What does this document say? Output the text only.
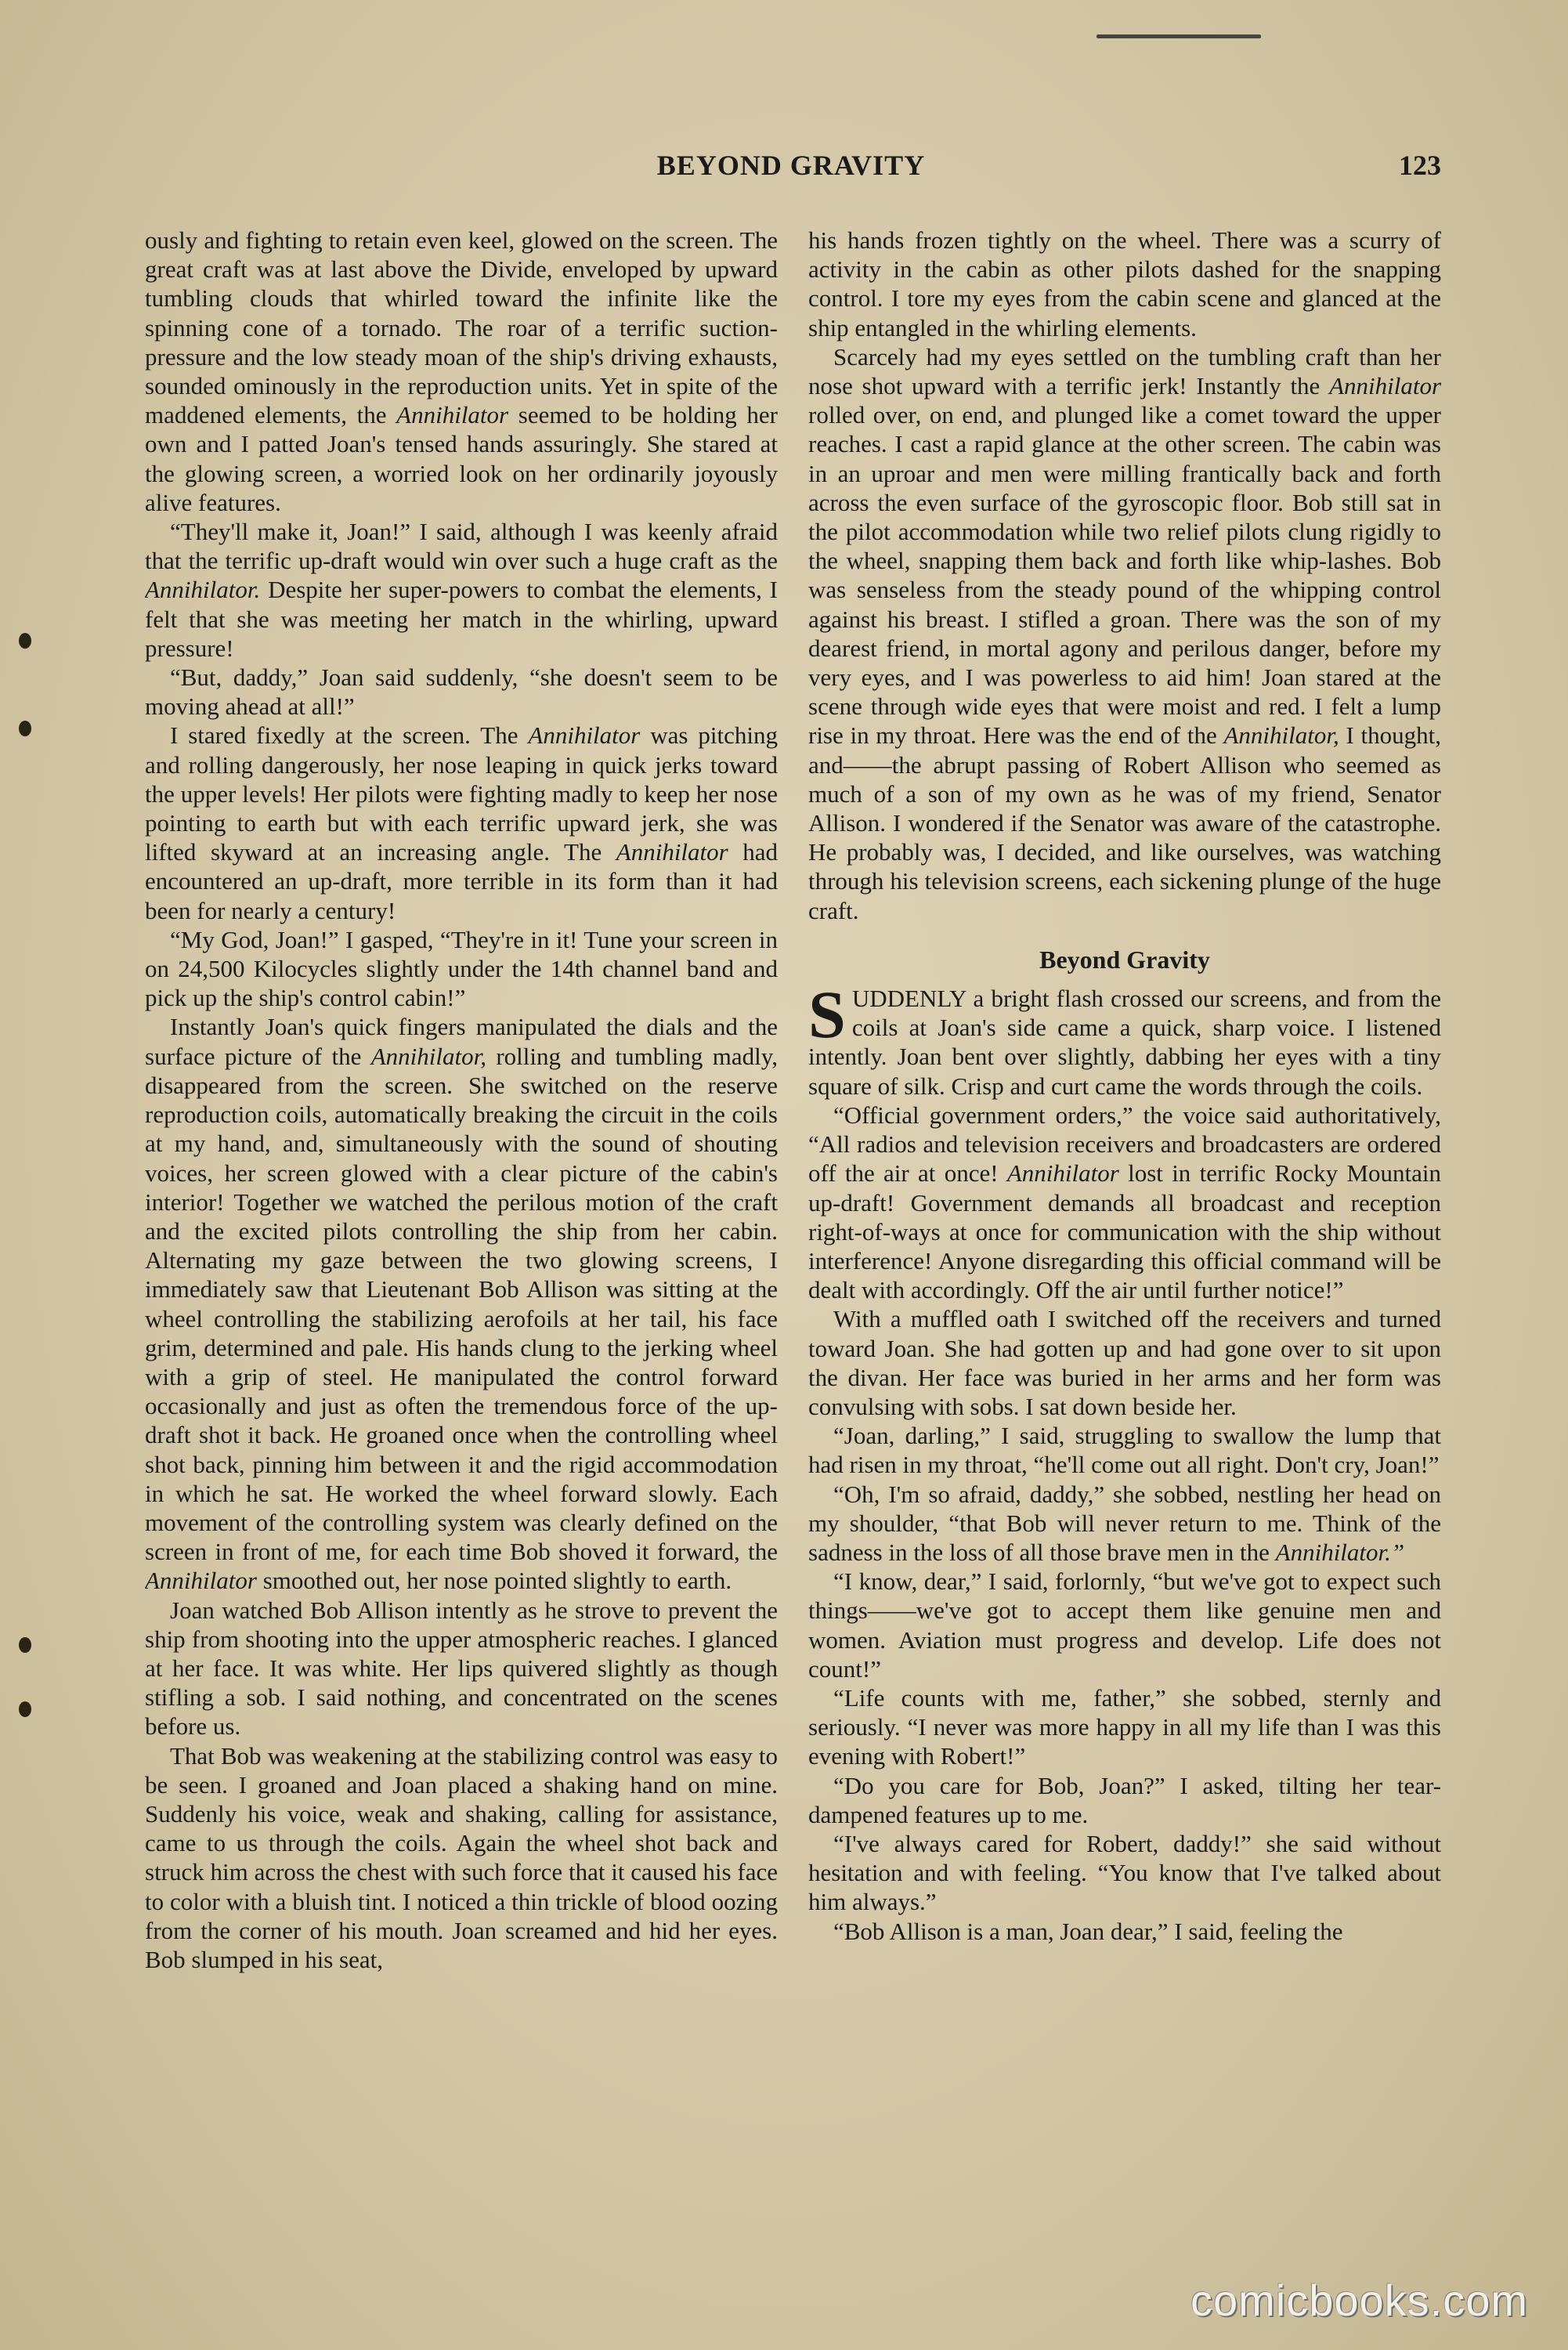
BEYOND GRAVITY	123

ously and fighting to retain even keel, glowed on the screen. The great craft was at last above the Divide, enveloped by upward tumbling clouds that whirled toward the infinite like the spinning cone of a tornado. The roar of a terrific suction-pressure and the low steady moan of the ship's driving exhausts, sounded ominously in the reproduction units. Yet in spite of the maddened elements, the Annihilator seemed to be holding her own and I patted Joan's tensed hands assuringly. She stared at the glowing screen, a worried look on her ordinarily joyously alive features.

“They'll make it, Joan!” I said, although I was keenly afraid that the terrific up-draft would win over such a huge craft as the Annihilator. Despite her super-powers to combat the elements, I felt that she was meeting her match in the whirling, upward pressure!

“But, daddy,” Joan said suddenly, “she doesn't seem to be moving ahead at all!”

I stared fixedly at the screen. The Annihilator was pitching and rolling dangerously, her nose leaping in quick jerks toward the upper levels! Her pilots were fighting madly to keep her nose pointing to earth but with each terrific upward jerk, she was lifted skyward at an increasing angle. The Annihilator had encountered an up-draft, more terrible in its form than it had been for nearly a century!

“My God, Joan!” I gasped, “They're in it! Tune your screen in on 24,500 Kilocycles slightly under the 14th channel band and pick up the ship's control cabin!”

Instantly Joan's quick fingers manipulated the dials and the surface picture of the Annihilator, rolling and tumbling madly, disappeared from the screen. She switched on the reserve reproduction coils, automatically breaking the circuit in the coils at my hand, and, simultaneously with the sound of shouting voices, her screen glowed with a clear picture of the cabin's interior! Together we watched the perilous motion of the craft and the excited pilots controlling the ship from her cabin. Alternating my gaze between the two glowing screens, I immediately saw that Lieutenant Bob Allison was sitting at the wheel controlling the stabilizing aerofoils at her tail, his face grim, determined and pale. His hands clung to the jerking wheel with a grip of steel. He manipulated the control forward occasionally and just as often the tremendous force of the up-draft shot it back. He groaned once when the controlling wheel shot back, pinning him between it and the rigid accommodation in which he sat. He worked the wheel forward slowly. Each movement of the controlling system was clearly defined on the screen in front of me, for each time Bob shoved it forward, the Annihilator smoothed out, her nose pointed slightly to earth.

Joan watched Bob Allison intently as he strove to prevent the ship from shooting into the upper atmospheric reaches. I glanced at her face. It was white. Her lips quivered slightly as though stifling a sob. I said nothing, and concentrated on the scenes before us.

That Bob was weakening at the stabilizing control was easy to be seen. I groaned and Joan placed a shaking hand on mine. Suddenly his voice, weak and shaking, calling for assistance, came to us through the coils. Again the wheel shot back and struck him across the chest with such force that it caused his face to color with a bluish tint. I noticed a thin trickle of blood oozing from the corner of his mouth. Joan screamed and hid her eyes. Bob slumped in his seat,

his hands frozen tightly on the wheel. There was a scurry of activity in the cabin as other pilots dashed for the snapping control. I tore my eyes from the cabin scene and glanced at the ship entangled in the whirling elements.

Scarcely had my eyes settled on the tumbling craft than her nose shot upward with a terrific jerk! Instantly the Annihilator rolled over, on end, and plunged like a comet toward the upper reaches. I cast a rapid glance at the other screen. The cabin was in an uproar and men were milling frantically back and forth across the even surface of the gyroscopic floor. Bob still sat in the pilot accommodation while two relief pilots clung rigidly to the wheel, snapping them back and forth like whip-lashes. Bob was senseless from the steady pound of the whipping control against his breast. I stifled a groan. There was the son of my dearest friend, in mortal agony and perilous danger, before my very eyes, and I was powerless to aid him! Joan stared at the scene through wide eyes that were moist and red. I felt a lump rise in my throat. Here was the end of the Annihilator, I thought, and——the abrupt passing of Robert Allison who seemed as much of a son of my own as he was of my friend, Senator Allison. I wondered if the Senator was aware of the catastrophe. He probably was, I decided, and like ourselves, was watching through his television screens, each sickening plunge of the huge craft.

Beyond Gravity

SUDDENLY a bright flash crossed our screens, and from the coils at Joan's side came a quick, sharp voice. I listened intently. Joan bent over slightly, dabbing her eyes with a tiny square of silk. Crisp and curt came the words through the coils.

“Official government orders,” the voice said authoritatively, “All radios and television receivers and broadcasters are ordered off the air at once! Annihilator lost in terrific Rocky Mountain up-draft! Government demands all broadcast and reception right-of-ways at once for communication with the ship without interference! Anyone disregarding this official command will be dealt with accordingly. Off the air until further notice!”

With a muffled oath I switched off the receivers and turned toward Joan. She had gotten up and had gone over to sit upon the divan. Her face was buried in her arms and her form was convulsing with sobs. I sat down beside her.

“Joan, darling,” I said, struggling to swallow the lump that had risen in my throat, “he'll come out all right. Don't cry, Joan!”

“Oh, I'm so afraid, daddy,” she sobbed, nestling her head on my shoulder, “that Bob will never return to me. Think of the sadness in the loss of all those brave men in the Annihilator.”

“I know, dear,” I said, forlornly, “but we've got to expect such things——we've got to accept them like genuine men and women. Aviation must progress and develop. Life does not count!”

“Life counts with me, father,” she sobbed, sternly and seriously. “I never was more happy in all my life than I was this evening with Robert!”

“Do you care for Bob, Joan?” I asked, tilting her tear-dampened features up to me.

“I've always cared for Robert, daddy!” she said without hesitation and with feeling. “You know that I've talked about him always.”

“Bob Allison is a man, Joan dear,” I said, feeling the

comicbooks.com
